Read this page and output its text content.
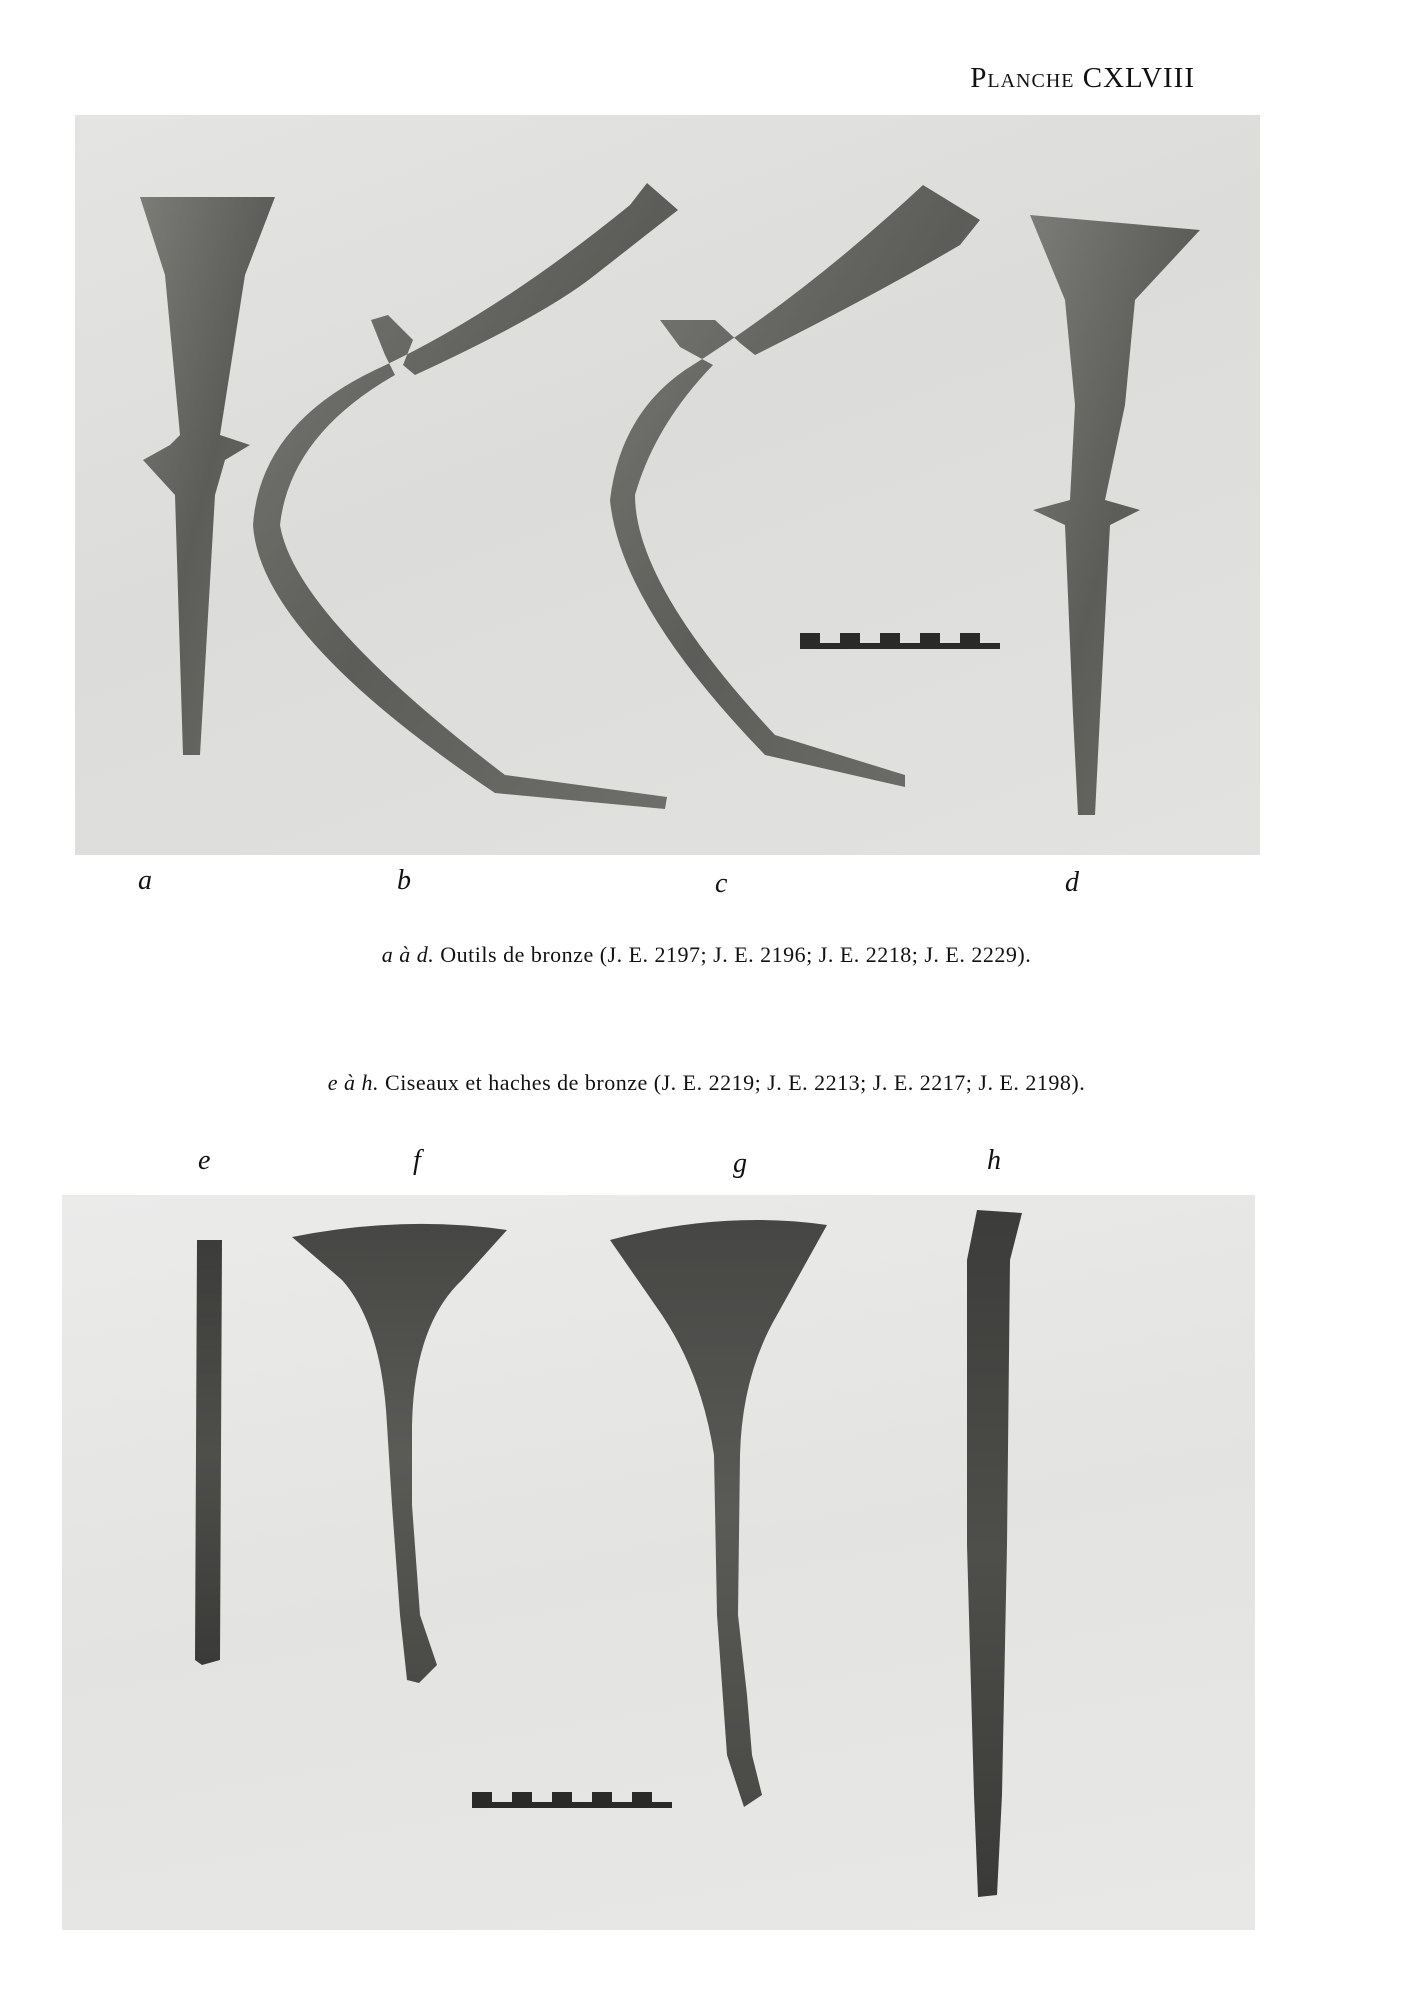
Planche CXLVIII
a	b	c	d
a à d. Outils de bronze (J. E. 2197; J. E. 2196; J. E. 2218; J. E. 2229).
e à h. Ciseaux et haches de bronze (J. E. 2219; J. E. 2213; J. E. 2217; J. E. 2198).
e	f	g	h
